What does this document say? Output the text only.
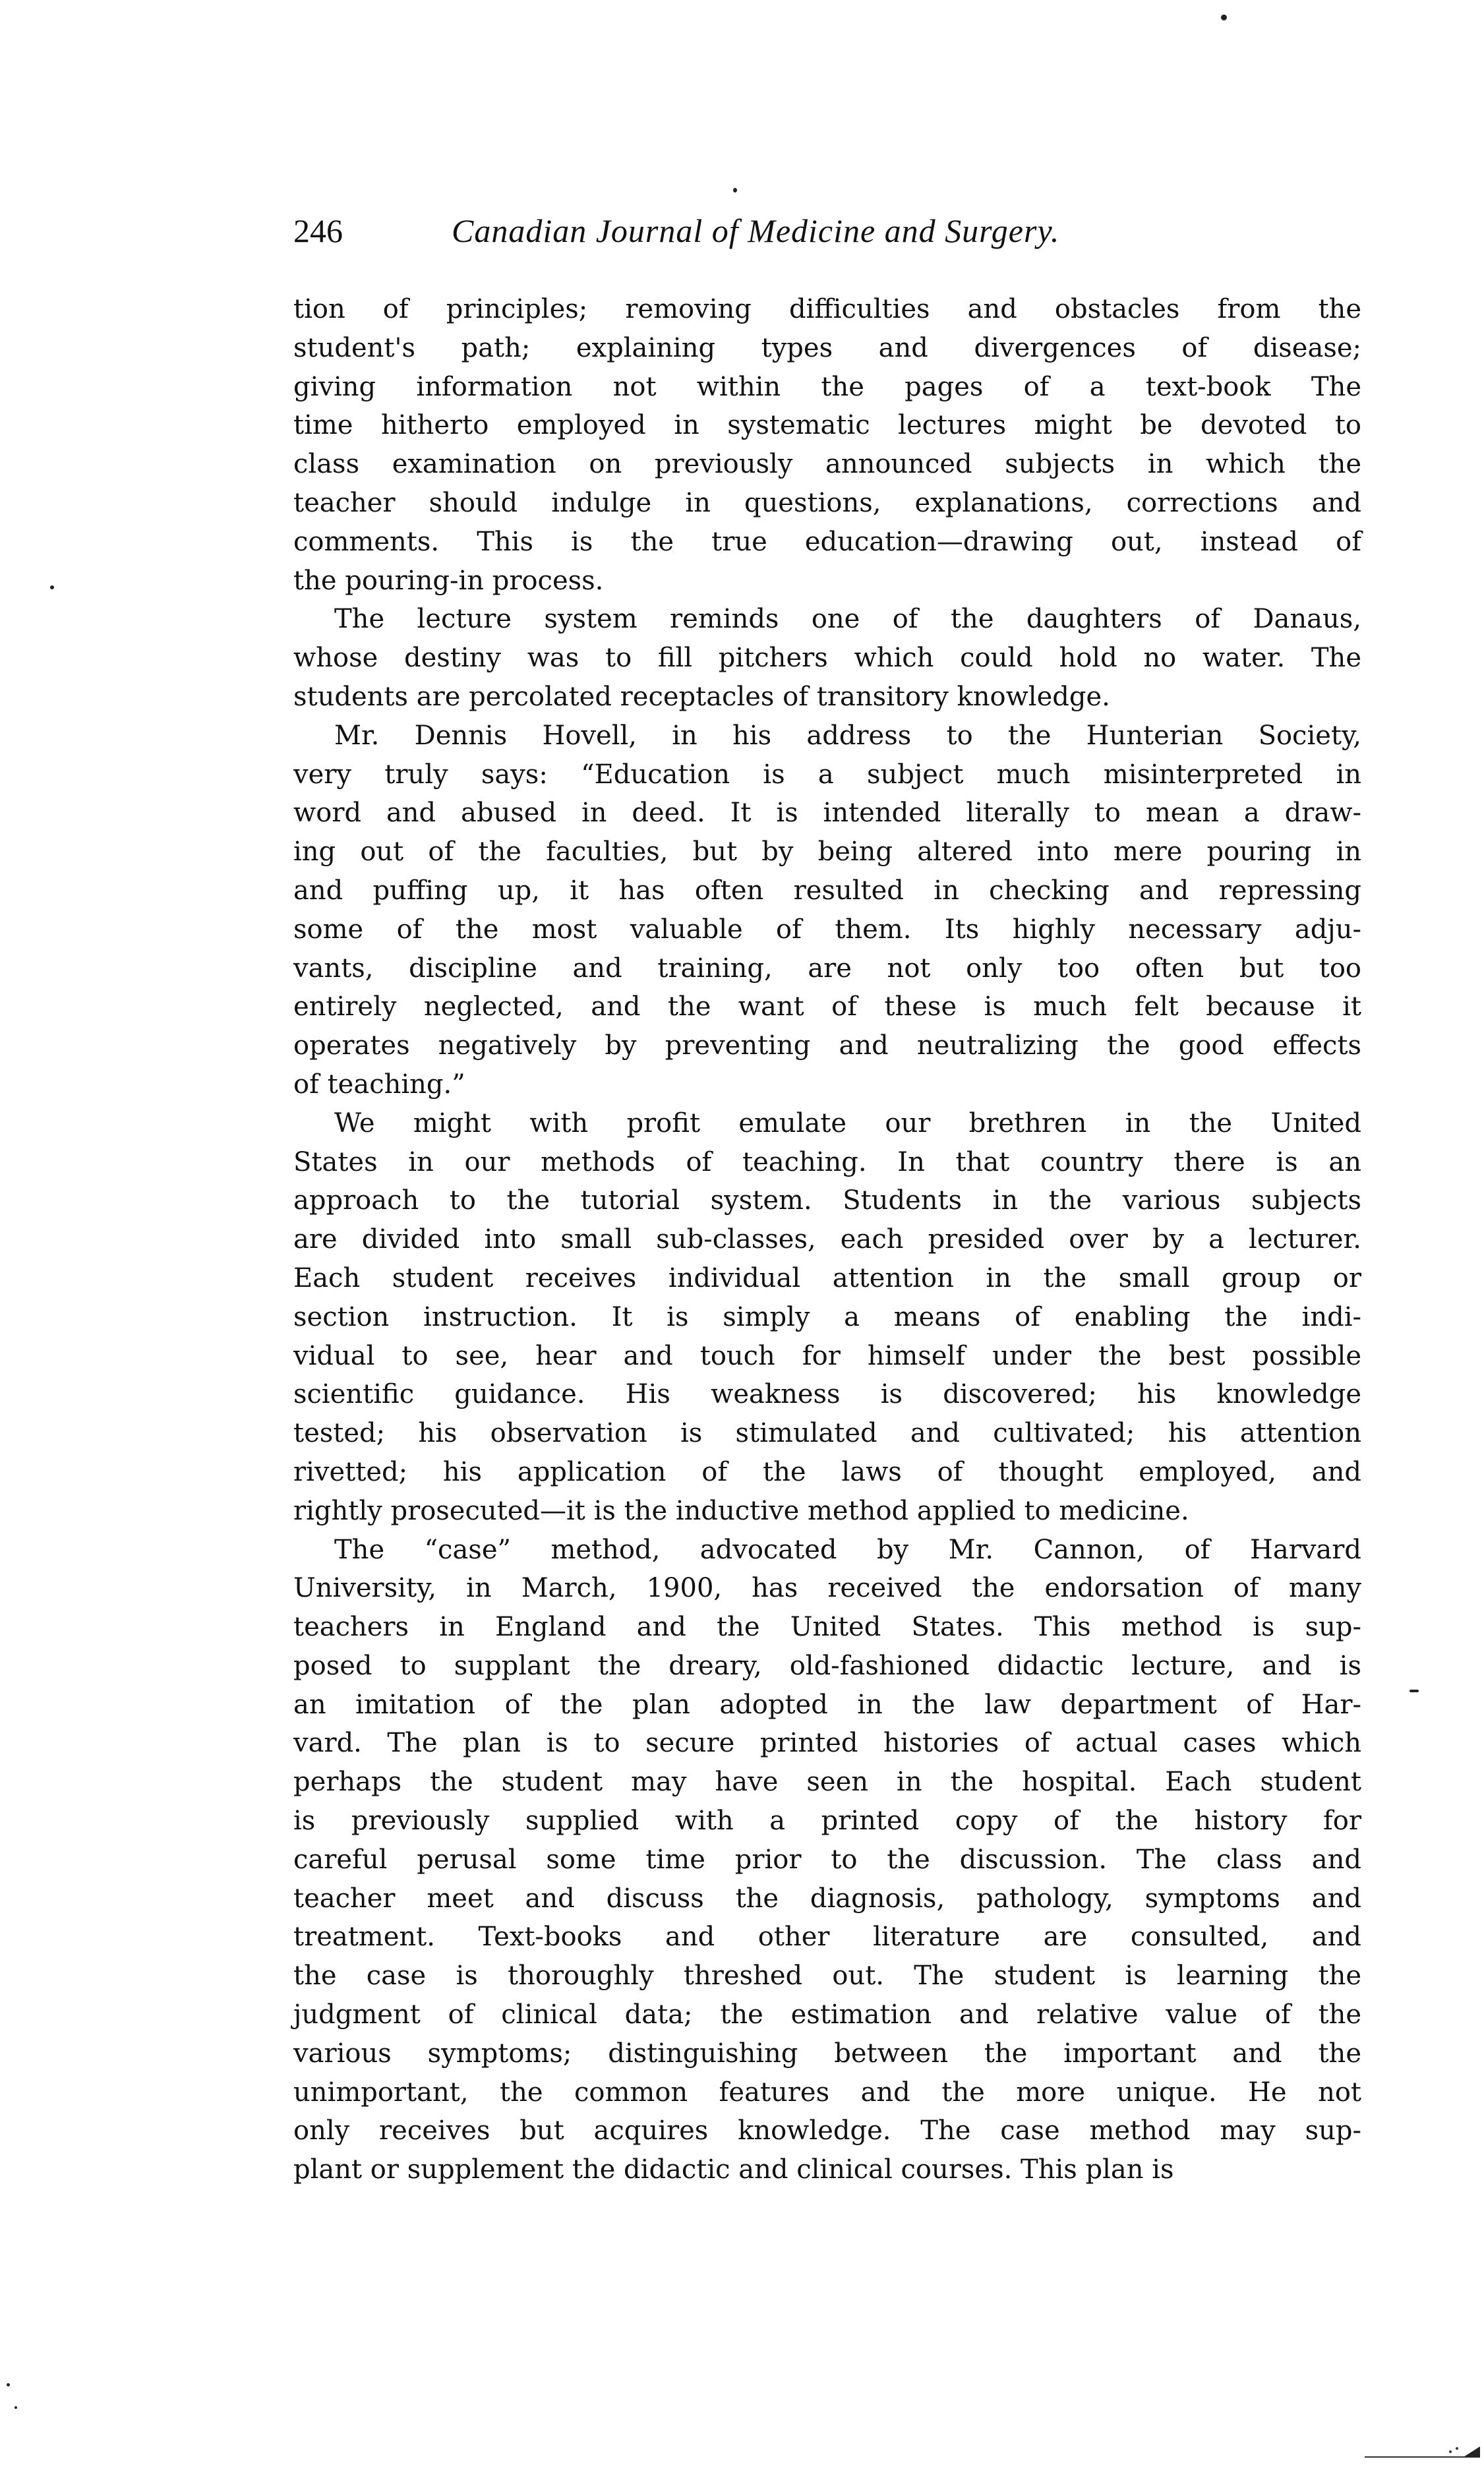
246	Canadian Journal of Medicine and Surgery.

tion of principles; removing difficulties and obstacles from the
student's path; explaining types and divergences of disease;
giving information not within the pages of a text-book The
time hitherto employed in systematic lectures might be devoted to
class examination on previously announced subjects in which the
teacher should indulge in questions, explanations, corrections and
comments. This is the true education—drawing out, instead of
the pouring-in process.

The lecture system reminds one of the daughters of Danaus,
whose destiny was to fill pitchers which could hold no water. The
students are percolated receptacles of transitory knowledge.

Mr. Dennis Hovell, in his address to the Hunterian Society,
very truly says: “Education is a subject much misinterpreted in
word and abused in deed. It is intended literally to mean a draw-
ing out of the faculties, but by being altered into mere pouring in
and puffing up, it has often resulted in checking and repressing
some of the most valuable of them. Its highly necessary adju-
vants, discipline and training, are not only too often but too
entirely neglected, and the want of these is much felt because it
operates negatively by preventing and neutralizing the good effects
of teaching.”

We might with profit emulate our brethren in the United
States in our methods of teaching. In that country there is an
approach to the tutorial system. Students in the various subjects
are divided into small sub-classes, each presided over by a lecturer.
Each student receives individual attention in the small group or
section instruction. It is simply a means of enabling the indi-
vidual to see, hear and touch for himself under the best possible
scientific guidance. His weakness is discovered; his knowledge
tested; his observation is stimulated and cultivated; his attention
rivetted; his application of the laws of thought employed, and
rightly prosecuted—it is the inductive method applied to medicine.

The “case” method, advocated by Mr. Cannon, of Harvard
University, in March, 1900, has received the endorsation of many
teachers in England and the United States. This method is sup-
posed to supplant the dreary, old-fashioned didactic lecture, and is
an imitation of the plan adopted in the law department of Har-
vard. The plan is to secure printed histories of actual cases which
perhaps the student may have seen in the hospital. Each student
is previously supplied with a printed copy of the history for
careful perusal some time prior to the discussion. The class and
teacher meet and discuss the diagnosis, pathology, symptoms and
treatment. Text-books and other literature are consulted, and
the case is thoroughly threshed out. The student is learning the
judgment of clinical data; the estimation and relative value of the
various symptoms; distinguishing between the important and the
unimportant, the common features and the more unique. He not
only receives but acquires knowledge. The case method may sup-
plant or supplement the didactic and clinical courses. This plan is
